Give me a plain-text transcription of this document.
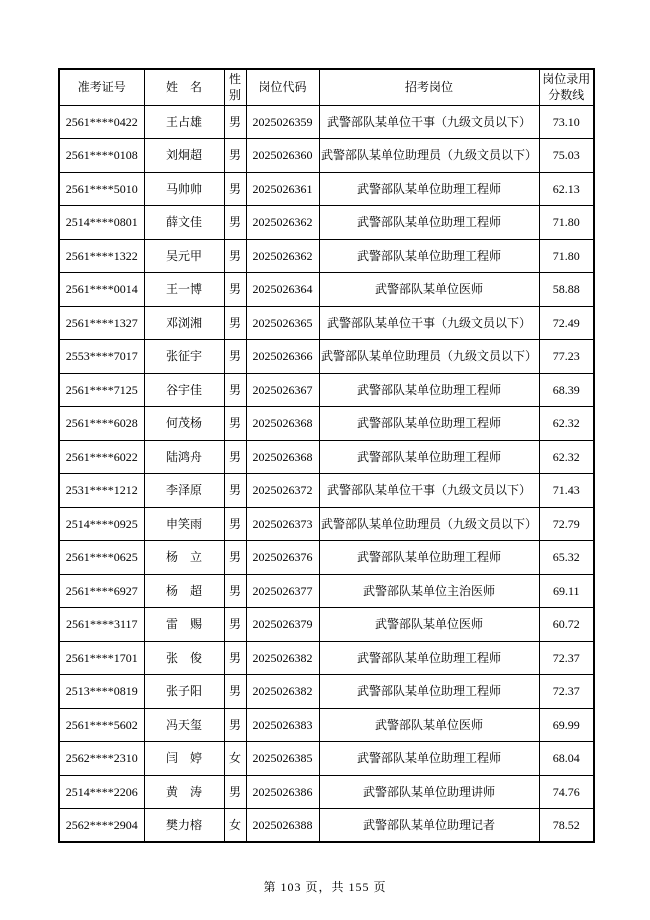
准考证号	姓　名	性别	岗位代码	招考岗位	岗位录用分数线
2561****0422	王占雄	男	2025026359	武警部队某单位干事（九级文员以下）	73.10
2561****0108	刘炯超	男	2025026360	武警部队某单位助理员（九级文员以下）	75.03
2561****5010	马帅帅	男	2025026361	武警部队某单位助理工程师	62.13
2514****0801	薛文佳	男	2025026362	武警部队某单位助理工程师	71.80
2561****1322	吴元甲	男	2025026362	武警部队某单位助理工程师	71.80
2561****0014	王一博	男	2025026364	武警部队某单位医师	58.88
2561****1327	邓浏湘	男	2025026365	武警部队某单位干事（九级文员以下）	72.49
2553****7017	张征宇	男	2025026366	武警部队某单位助理员（九级文员以下）	77.23
2561****7125	谷宇佳	男	2025026367	武警部队某单位助理工程师	68.39
2561****6028	何茂杨	男	2025026368	武警部队某单位助理工程师	62.32
2561****6022	陆鸿舟	男	2025026368	武警部队某单位助理工程师	62.32
2531****1212	李泽原	男	2025026372	武警部队某单位干事（九级文员以下）	71.43
2514****0925	申笑雨	男	2025026373	武警部队某单位助理员（九级文员以下）	72.79
2561****0625	杨　立	男	2025026376	武警部队某单位助理工程师	65.32
2561****6927	杨　超	男	2025026377	武警部队某单位主治医师	69.11
2561****3117	雷　赐	男	2025026379	武警部队某单位医师	60.72
2561****1701	张　俊	男	2025026382	武警部队某单位助理工程师	72.37
2513****0819	张子阳	男	2025026382	武警部队某单位助理工程师	72.37
2561****5602	冯天玺	男	2025026383	武警部队某单位医师	69.99
2562****2310	闫　婷	女	2025026385	武警部队某单位助理工程师	68.04
2514****2206	黄　涛	男	2025026386	武警部队某单位助理讲师	74.76
2562****2904	樊力榕	女	2025026388	武警部队某单位助理记者	78.52
第 103 页，共 155 页
